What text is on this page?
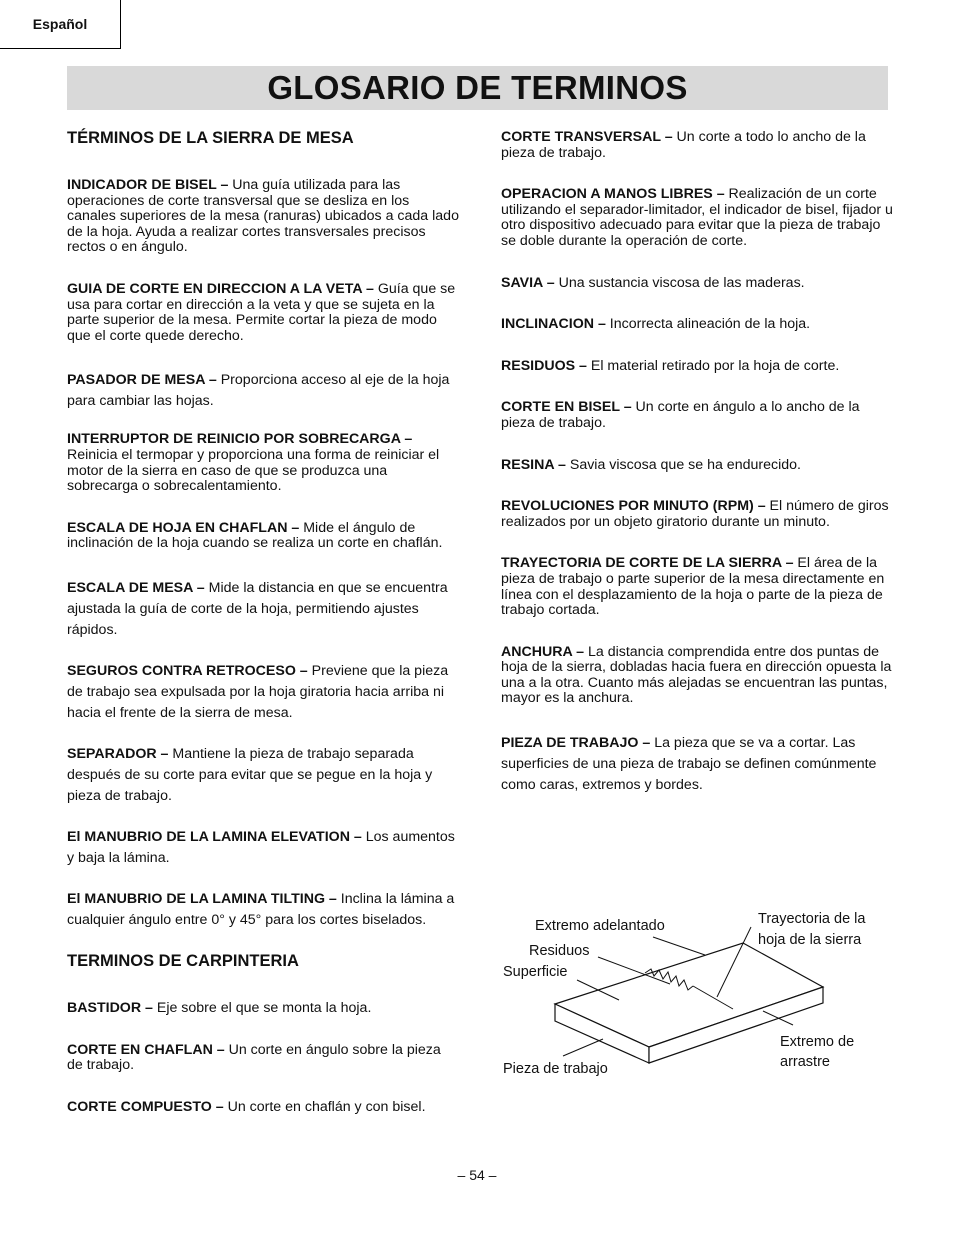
Español
GLOSARIO DE TERMINOS
TÉRMINOS DE LA SIERRA DE MESA
INDICADOR DE BISEL – Una guía utilizada para las operaciones de corte transversal que se desliza en los canales superiores de la mesa (ranuras) ubicados a cada lado de la hoja. Ayuda a realizar cortes transversales precisos rectos o en ángulo.
GUIA DE CORTE EN DIRECCION A LA VETA – Guía que se usa para cortar en dirección a la veta y que se sujeta en la parte superior de la mesa. Permite cortar la pieza de modo que el corte quede derecho.
PASADOR DE MESA – Proporciona acceso al eje de la hoja para cambiar las hojas.
INTERRUPTOR DE REINICIO POR SOBRECARGA – Reinicia el termopar y proporciona una forma de reiniciar el motor de la sierra en caso de que se produzca una sobrecarga o sobrecalentamiento.
ESCALA DE HOJA EN CHAFLAN – Mide el ángulo de inclinación de la hoja cuando se realiza un corte en chaflán.
ESCALA DE MESA – Mide la distancia en que se encuentra ajustada la guía de corte de la hoja, permitiendo ajustes rápidos.
SEGUROS CONTRA RETROCESO – Previene que la pieza de trabajo sea expulsada por la hoja giratoria hacia arriba ni hacia el frente de la sierra de mesa.
SEPARADOR – Mantiene la pieza de trabajo separada después de su corte para evitar que se pegue en la hoja y pieza de trabajo.
El MANUBRIO DE LA LAMINA ELEVATION – Los aumentos y baja la lámina.
El MANUBRIO DE LA LAMINA TILTING – Inclina la lámina a cualquier ángulo entre 0° y 45° para los cortes biselados.
TERMINOS DE CARPINTERIA
BASTIDOR – Eje sobre el que se monta la hoja.
CORTE EN CHAFLAN – Un corte en ángulo sobre la pieza de trabajo.
CORTE COMPUESTO – Un corte en chaflán y con bisel.
CORTE TRANSVERSAL – Un corte a todo lo ancho de la pieza de trabajo.
OPERACION A MANOS LIBRES – Realización de un corte utilizando el separador-limitador, el indicador de bisel, fijador u otro dispositivo adecuado para evitar que la pieza de trabajo se doble durante la operación de corte.
SAVIA – Una sustancia viscosa de las maderas.
INCLINACION – Incorrecta alineación de la hoja.
RESIDUOS – El material retirado por la hoja de corte.
CORTE EN BISEL – Un corte en ángulo a lo ancho de la pieza de trabajo.
RESINA – Savia viscosa que se ha endurecido.
REVOLUCIONES POR MINUTO (RPM) – El número de giros realizados por un objeto giratorio durante un minuto.
TRAYECTORIA DE CORTE DE LA SIERRA – El área de la pieza de trabajo o parte superior de la mesa directamente en línea con el desplazamiento de la hoja o parte de la pieza de trabajo cortada.
ANCHURA – La distancia comprendida entre dos puntas de hoja de la sierra, dobladas hacia fuera en dirección opuesta la una a la otra. Cuanto más alejadas se encuentran las puntas, mayor es la anchura.
PIEZA DE TRABAJO – La pieza que se va a cortar. Las superficies de una pieza de trabajo se definen comúnmente como caras, extremos y bordes.
Extremo adelantado
Residuos
Superficie
Pieza de trabajo
Trayectoria de la
hoja de la sierra
Extremo de
arrastre
– 54 –
